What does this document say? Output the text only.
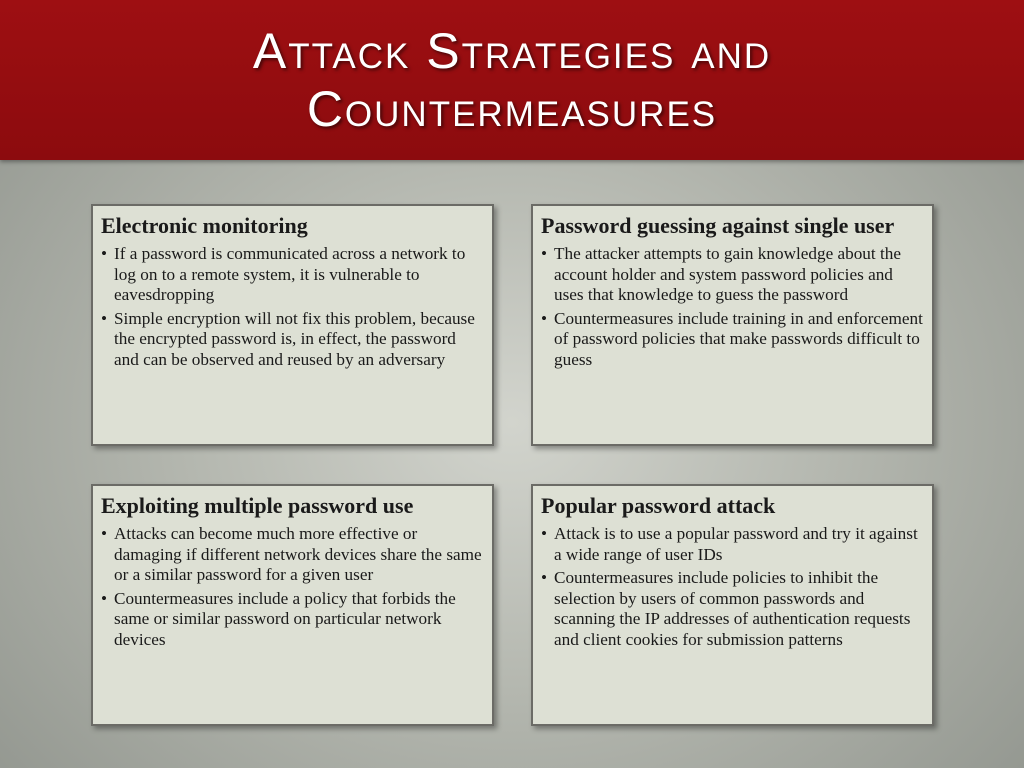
Attack Strategies and
Countermeasures
Electronic monitoring
• If a password is communicated across a network to log on to a remote system, it is vulnerable to eavesdropping
• Simple encryption will not fix this problem, because the encrypted password is, in effect, the password and can be observed and reused by an adversary
Password guessing against single user
• The attacker attempts to gain knowledge about the account holder and system password policies and uses that knowledge to guess the password
• Countermeasures include training in and enforcement of password policies that make passwords difficult to guess
Exploiting multiple password use
• Attacks can become much more effective or damaging if different network devices share the same or a similar password for a given user
• Countermeasures include a policy that forbids the same or similar password on particular network devices
Popular password attack
• Attack is to use a popular password and try it against a wide range of user IDs
• Countermeasures include policies to inhibit the selection by users of common passwords and scanning the IP addresses of authentication requests and client cookies for submission patterns
